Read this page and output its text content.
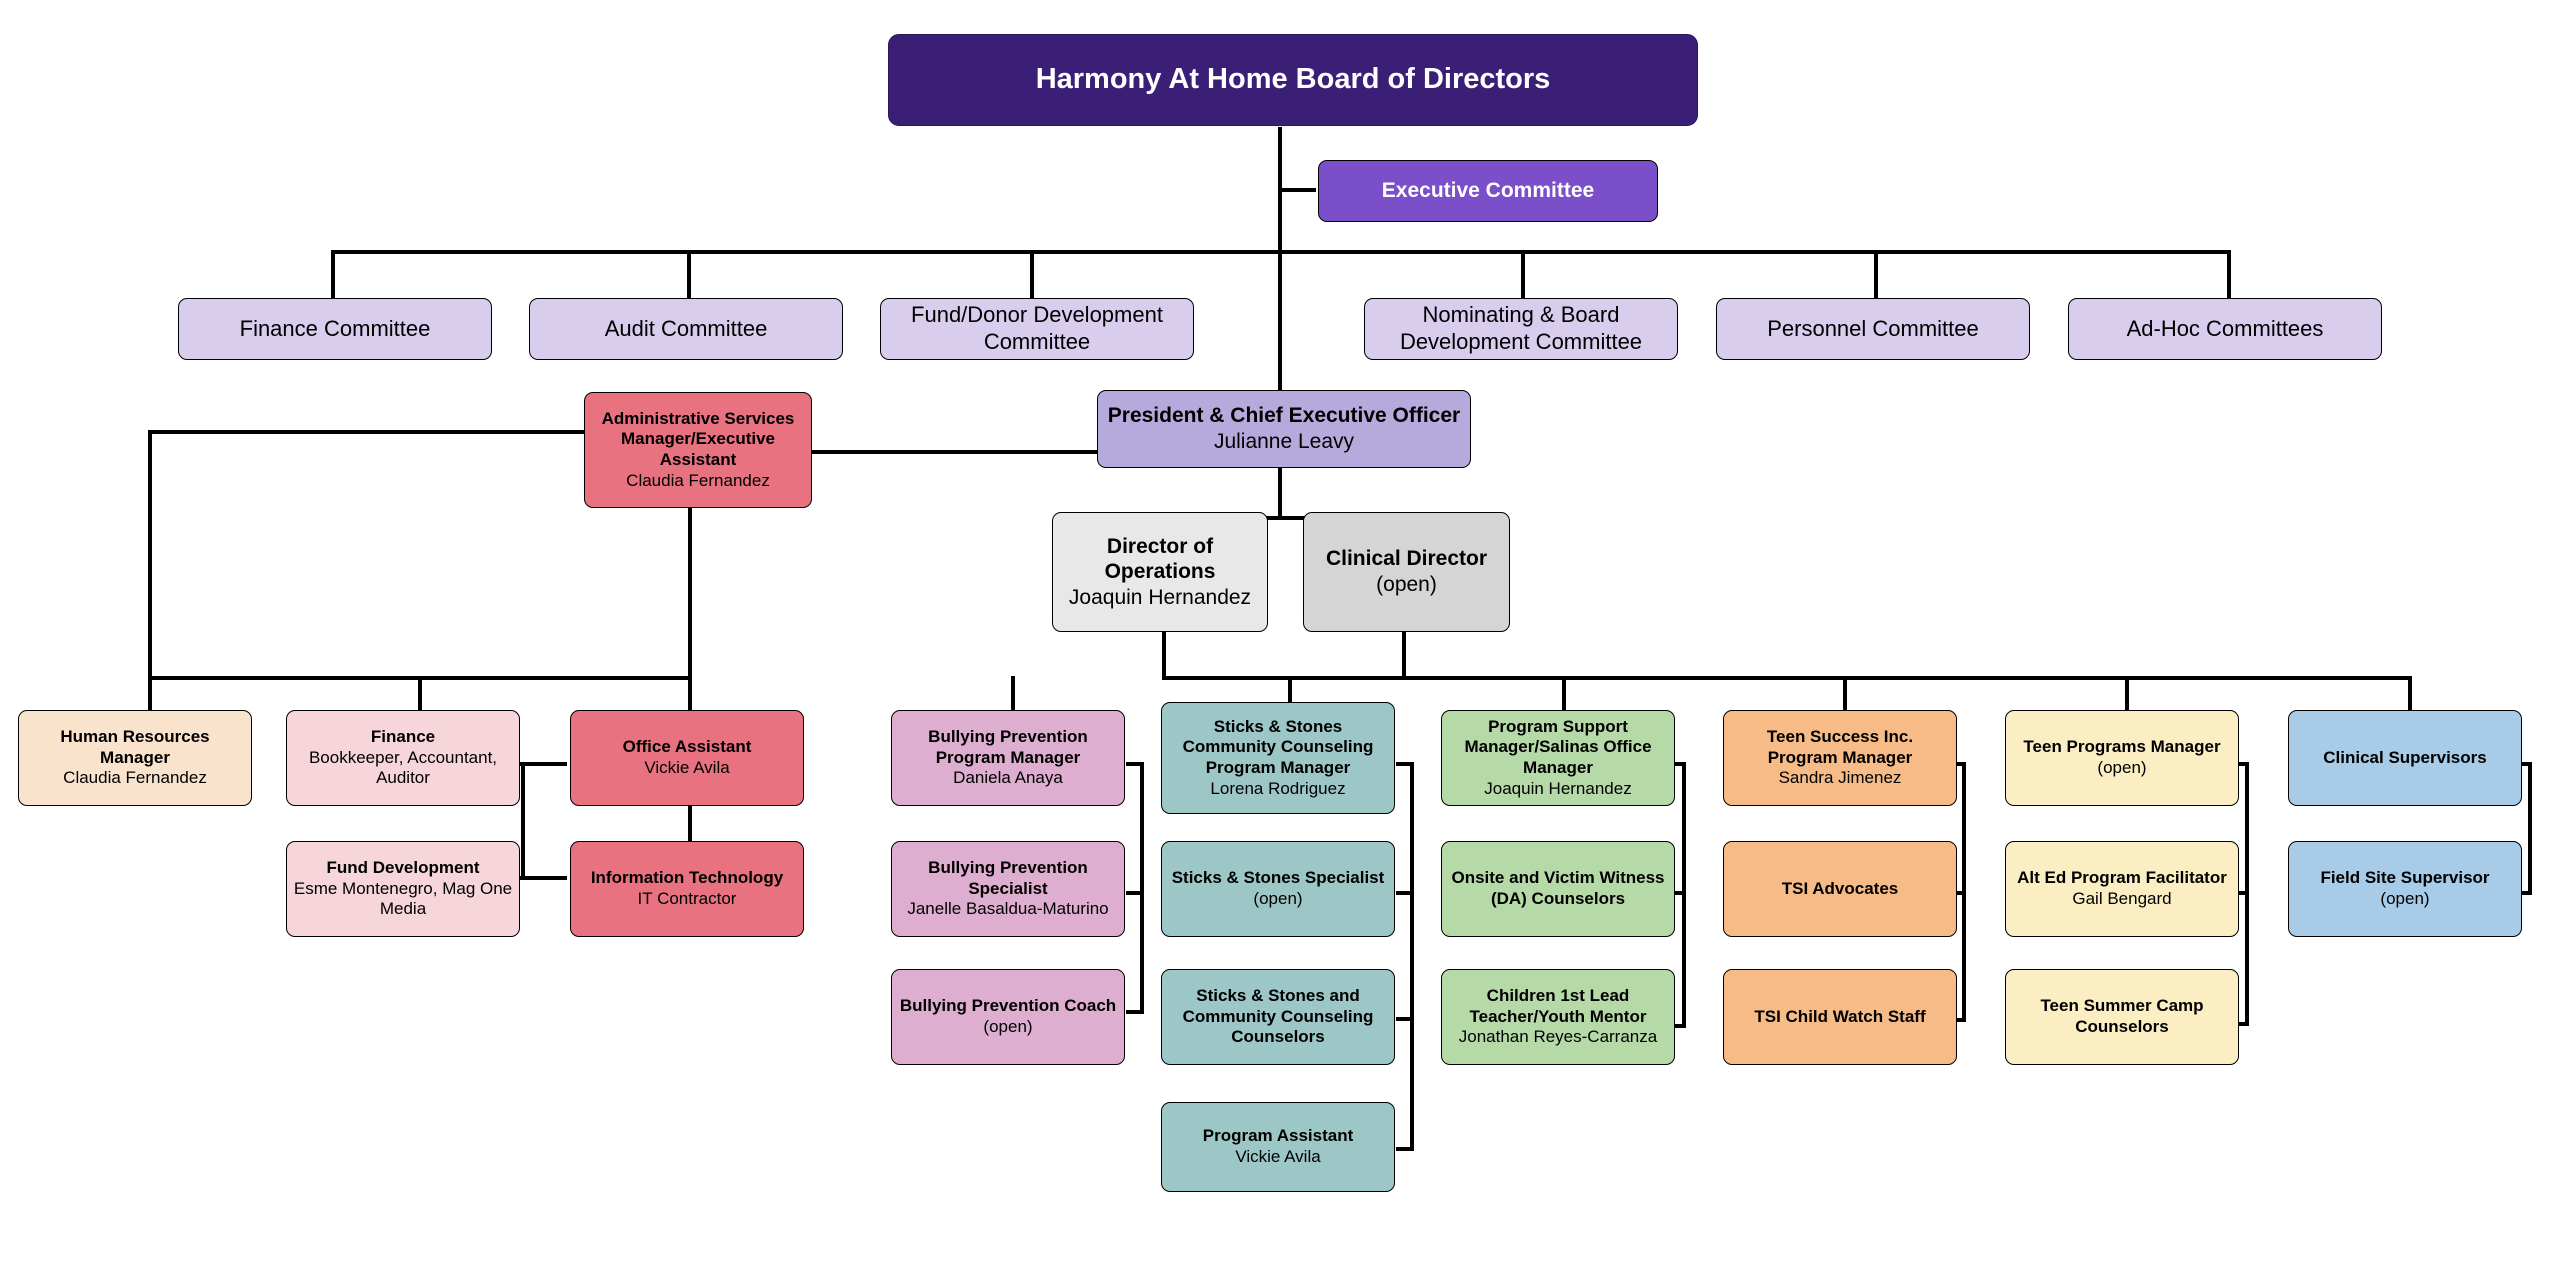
Harmony At Home Board of Directors
Executive Committee
Finance Committee	Audit Committee
Fund/Donor Development Committee
Nominating & Board Development Committee
Personnel Committee	Ad-Hoc Committees
Administrative Services Manager/Executive Assistant
Claudia Fernandez
President & Chief Executive Officer
Julianne Leavy
Director of Operations
Joaquin Hernandez
Clinical Director
(open)
Human Resources Manager
Claudia Fernandez
Finance
Bookkeeper, Accountant, Auditor
Fund Development
Esme Montenegro, Mag One Media
Office Assistant
Vickie Avila
Information Technology
IT Contractor
Bullying Prevention Program Manager
Daniela Anaya
Bullying Prevention Specialist
Janelle Basaldua-Maturino
Bullying Prevention Coach
(open)
Sticks & Stones Community Counseling Program Manager
Lorena Rodriguez
Sticks & Stones Specialist
(open)
Sticks & Stones and Community Counseling Counselors
Program Assistant
Vickie Avila
Program Support Manager/Salinas Office Manager
Joaquin Hernandez
Onsite and Victim Witness (DA) Counselors
Children 1st Lead Teacher/Youth Mentor
Jonathan Reyes-Carranza
Teen Success Inc. Program Manager
Sandra Jimenez
TSI Advocates
TSI Child Watch Staff
Teen Programs Manager
(open)
Alt Ed Program Facilitator
Gail Bengard
Teen Summer Camp Counselors
Clinical Supervisors
Field Site Supervisor
(open)
